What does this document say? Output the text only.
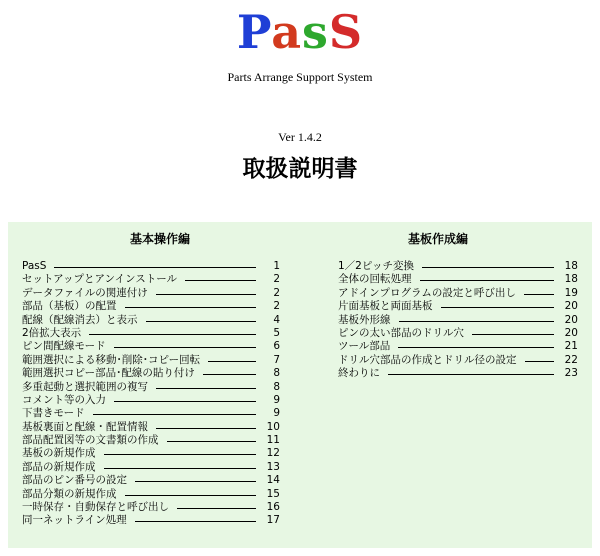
PasS
Parts Arrange Support System
Ver 1.4.2
取扱説明書
基本操作編	基板作成編
PasS	1
セットアップとアンインストール	2
データファイルの関連付け	2
部品（基板）の配置	2
配線（配線消去）と表示	4
2倍拡大表示	5
ピン間配線モード	6
範囲選択による移動･削除･コピー回転	7
範囲選択コピー部品･配線の貼り付け	8
多重起動と選択範囲の複写	8
コメント等の入力	9
下書きモード	9
基板裏面と配線・配置情報	10
部品配置図等の文書類の作成	11
基板の新規作成	12
部品の新規作成	13
部品のピン番号の設定	14
部品分類の新規作成	15
一時保存・自動保存と呼び出し	16
同一ネットライン処理	17
1／2ピッチ変換	18
全体の回転処理	18
アドインプログラムの設定と呼び出し	19
片面基板と両面基板	20
基板外形線	20
ピンの太い部品のドリル穴	20
ツール部品	21
ドリル穴部品の作成とドリル径の設定	22
終わりに	23
